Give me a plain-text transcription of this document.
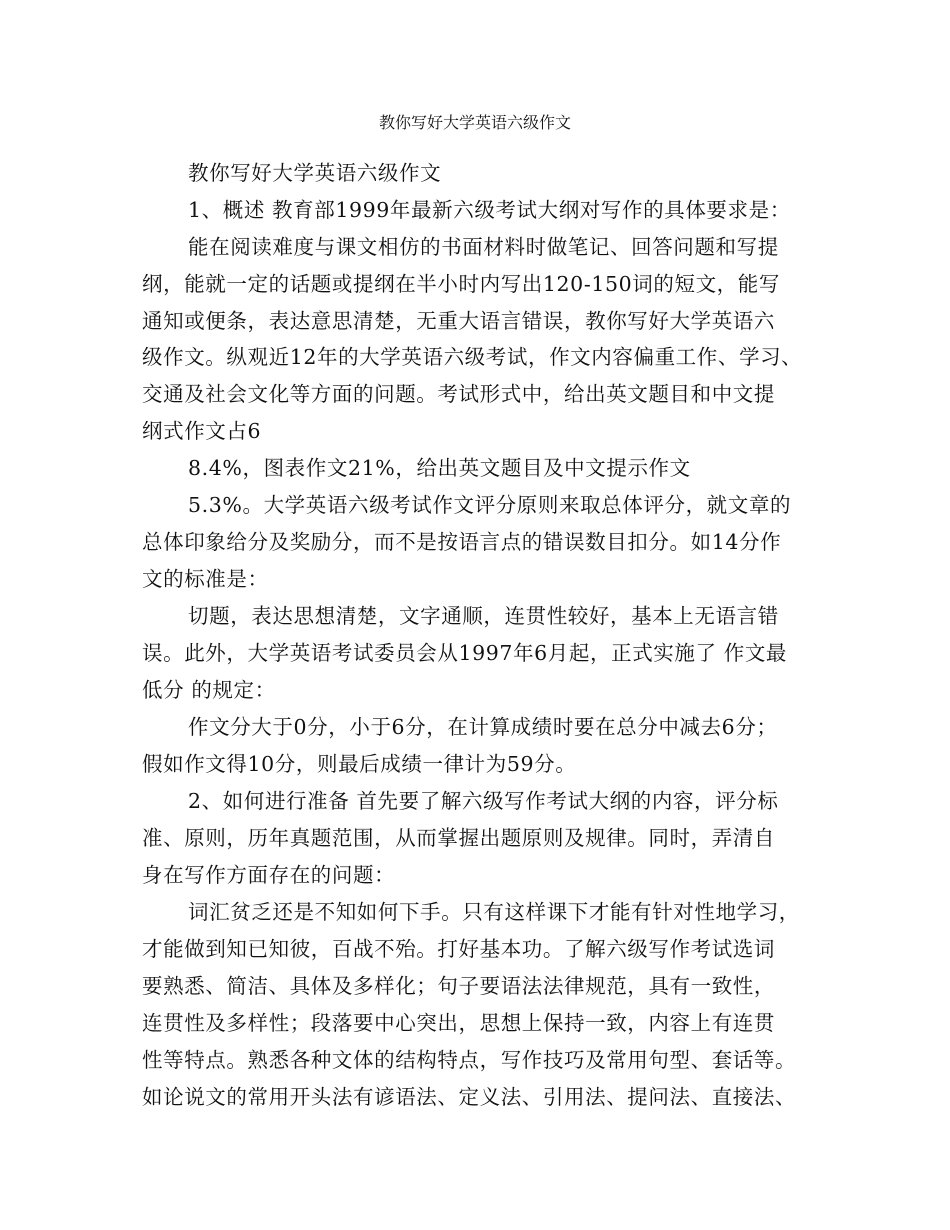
教你写好大学英语六级作文
教你写好大学英语六级作文
1、概述 教育部1999年最新六级考试大纲对写作的具体要求是：
能在阅读难度与课文相仿的书面材料时做笔记、回答问题和写提
纲，能就一定的话题或提纲在半小时内写出120-150词的短文，能写
通知或便条，表达意思清楚，无重大语言错误，教你写好大学英语六
级作文。纵观近12年的大学英语六级考试，作文内容偏重工作、学习、
交通及社会文化等方面的问题。考试形式中，给出英文题目和中文提
纲式作文占6
8.4%，图表作文21%，给出英文题目及中文提示作文
5.3%。大学英语六级考试作文评分原则来取总体评分，就文章的
总体印象给分及奖励分，而不是按语言点的错误数目扣分。如14分作
文的标准是：
切题，表达思想清楚，文字通顺，连贯性较好，基本上无语言错
误。此外，大学英语考试委员会从1997年6月起，正式实施了 作文最
低分 的规定：
作文分大于0分，小于6分，在计算成绩时要在总分中减去6分；
假如作文得10分，则最后成绩一律计为59分。
2、如何进行准备 首先要了解六级写作考试大纲的内容，评分标
准、原则，历年真题范围，从而掌握出题原则及规律。同时，弄清自
身在写作方面存在的问题：
词汇贫乏还是不知如何下手。只有这样课下才能有针对性地学习，
才能做到知已知彼，百战不殆。打好基本功。了解六级写作考试选词
要熟悉、简洁、具体及多样化；句子要语法法律规范，具有一致性，
连贯性及多样性；段落要中心突出，思想上保持一致，内容上有连贯
性等特点。熟悉各种文体的结构特点，写作技巧及常用句型、套话等。
如论说文的常用开头法有谚语法、定义法、引用法、提问法、直接法、
